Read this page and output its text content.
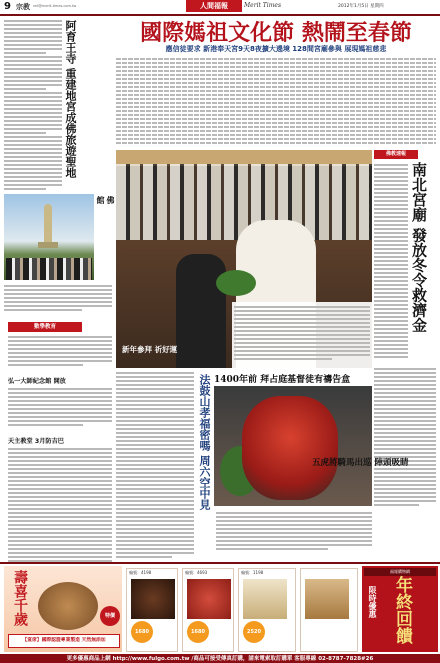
9 宗教 reli@merit-times.com.tw	人間福報	Merit Times	2012年1月5日 星期四
國際媽祖文化節 熱鬧至春節
應信徒要求 新港奉天宮9天8夜擴大遶境 128間宮廟參與 展現媽祖慈悲
阿育王寺 重建地宮成佛旅遊聖地
佛館
數學教育
弘一大師紀念館 開放
天主教堂 3月防吉巴
新年參拜 祈好運
佛教速報
南北宮廟 發放冬令救濟金
法鼓山孝福密嗎 周六空中見 1400年前 拜占庭基督徒有禱告盒
五虎將騎馬出巡 陣頭吸睛
壽喜千歲	特價
【宴席】國際認證專業製造 天然無添加
編號：4198
1680
編號：4693
1680
編號：1198
2520
福報購物網
年終回饋
限時優惠
更多優惠商品上網 http://www.fulgo.com.tw /商品可接受傳真訂購，請來電索取訂購單 客服專線 02-8787-7828#26
